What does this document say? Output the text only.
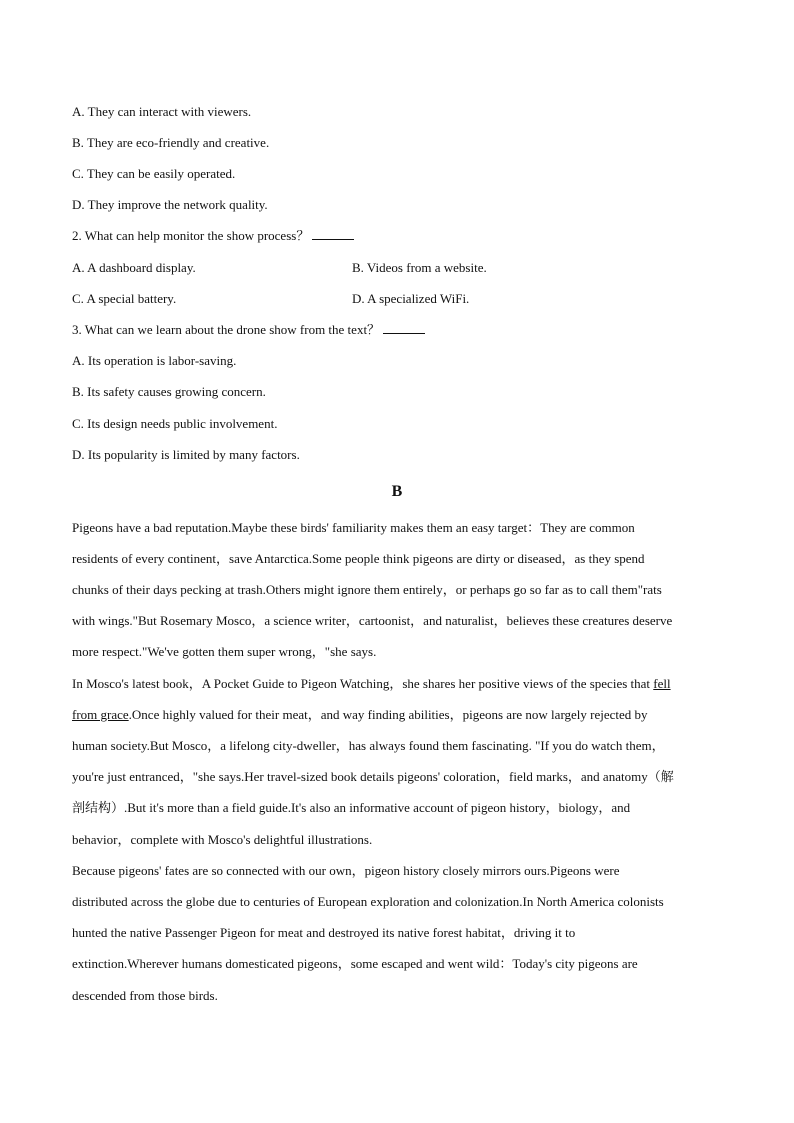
A. They can interact with viewers.
B. They are eco-friendly and creative.
C. They can be easily operated.
D. They improve the network quality.
2. What can help monitor the show process？
A. A dashboard display.	B. Videos from a website.
C. A special battery.	D. A specialized WiFi.
3. What can we learn about the drone show from the text？
A. Its operation is labor-saving.
B. Its safety causes growing concern.
C. Its design needs public involvement.
D. Its popularity is limited by many factors.
B
Pigeons have a bad reputation.Maybe these birds' familiarity makes them an easy target：They are common
residents of every continent，save Antarctica.Some people think pigeons are dirty or diseased，as they spend
chunks of their days pecking at trash.Others might ignore them entirely，or perhaps go so far as to call them"rats
with wings."But Rosemary Mosco，a science writer，cartoonist，and naturalist，believes these creatures deserve
more respect."We've gotten them super wrong，"she says.
In Mosco's latest book，A Pocket Guide to Pigeon Watching，she shares her positive views of the species that fell
from grace.Once highly valued for their meat，and way finding abilities，pigeons are now largely rejected by
human society.But Mosco，a lifelong city-dweller，has always found them fascinating. "If you do watch them，
you're just entranced，"she says.Her travel-sized book details pigeons' coloration，field marks，and anatomy（解
剖结构）.But it's more than a field guide.It's also an informative account of pigeon history，biology，and
behavior，complete with Mosco's delightful illustrations.
Because pigeons' fates are so connected with our own，pigeon history closely mirrors ours.Pigeons were
distributed across the globe due to centuries of European exploration and colonization.In North America colonists
hunted the native Passenger Pigeon for meat and destroyed its native forest habitat，driving it to
extinction.Wherever humans domesticated pigeons，some escaped and went wild：Today's city pigeons are
descended from those birds.
